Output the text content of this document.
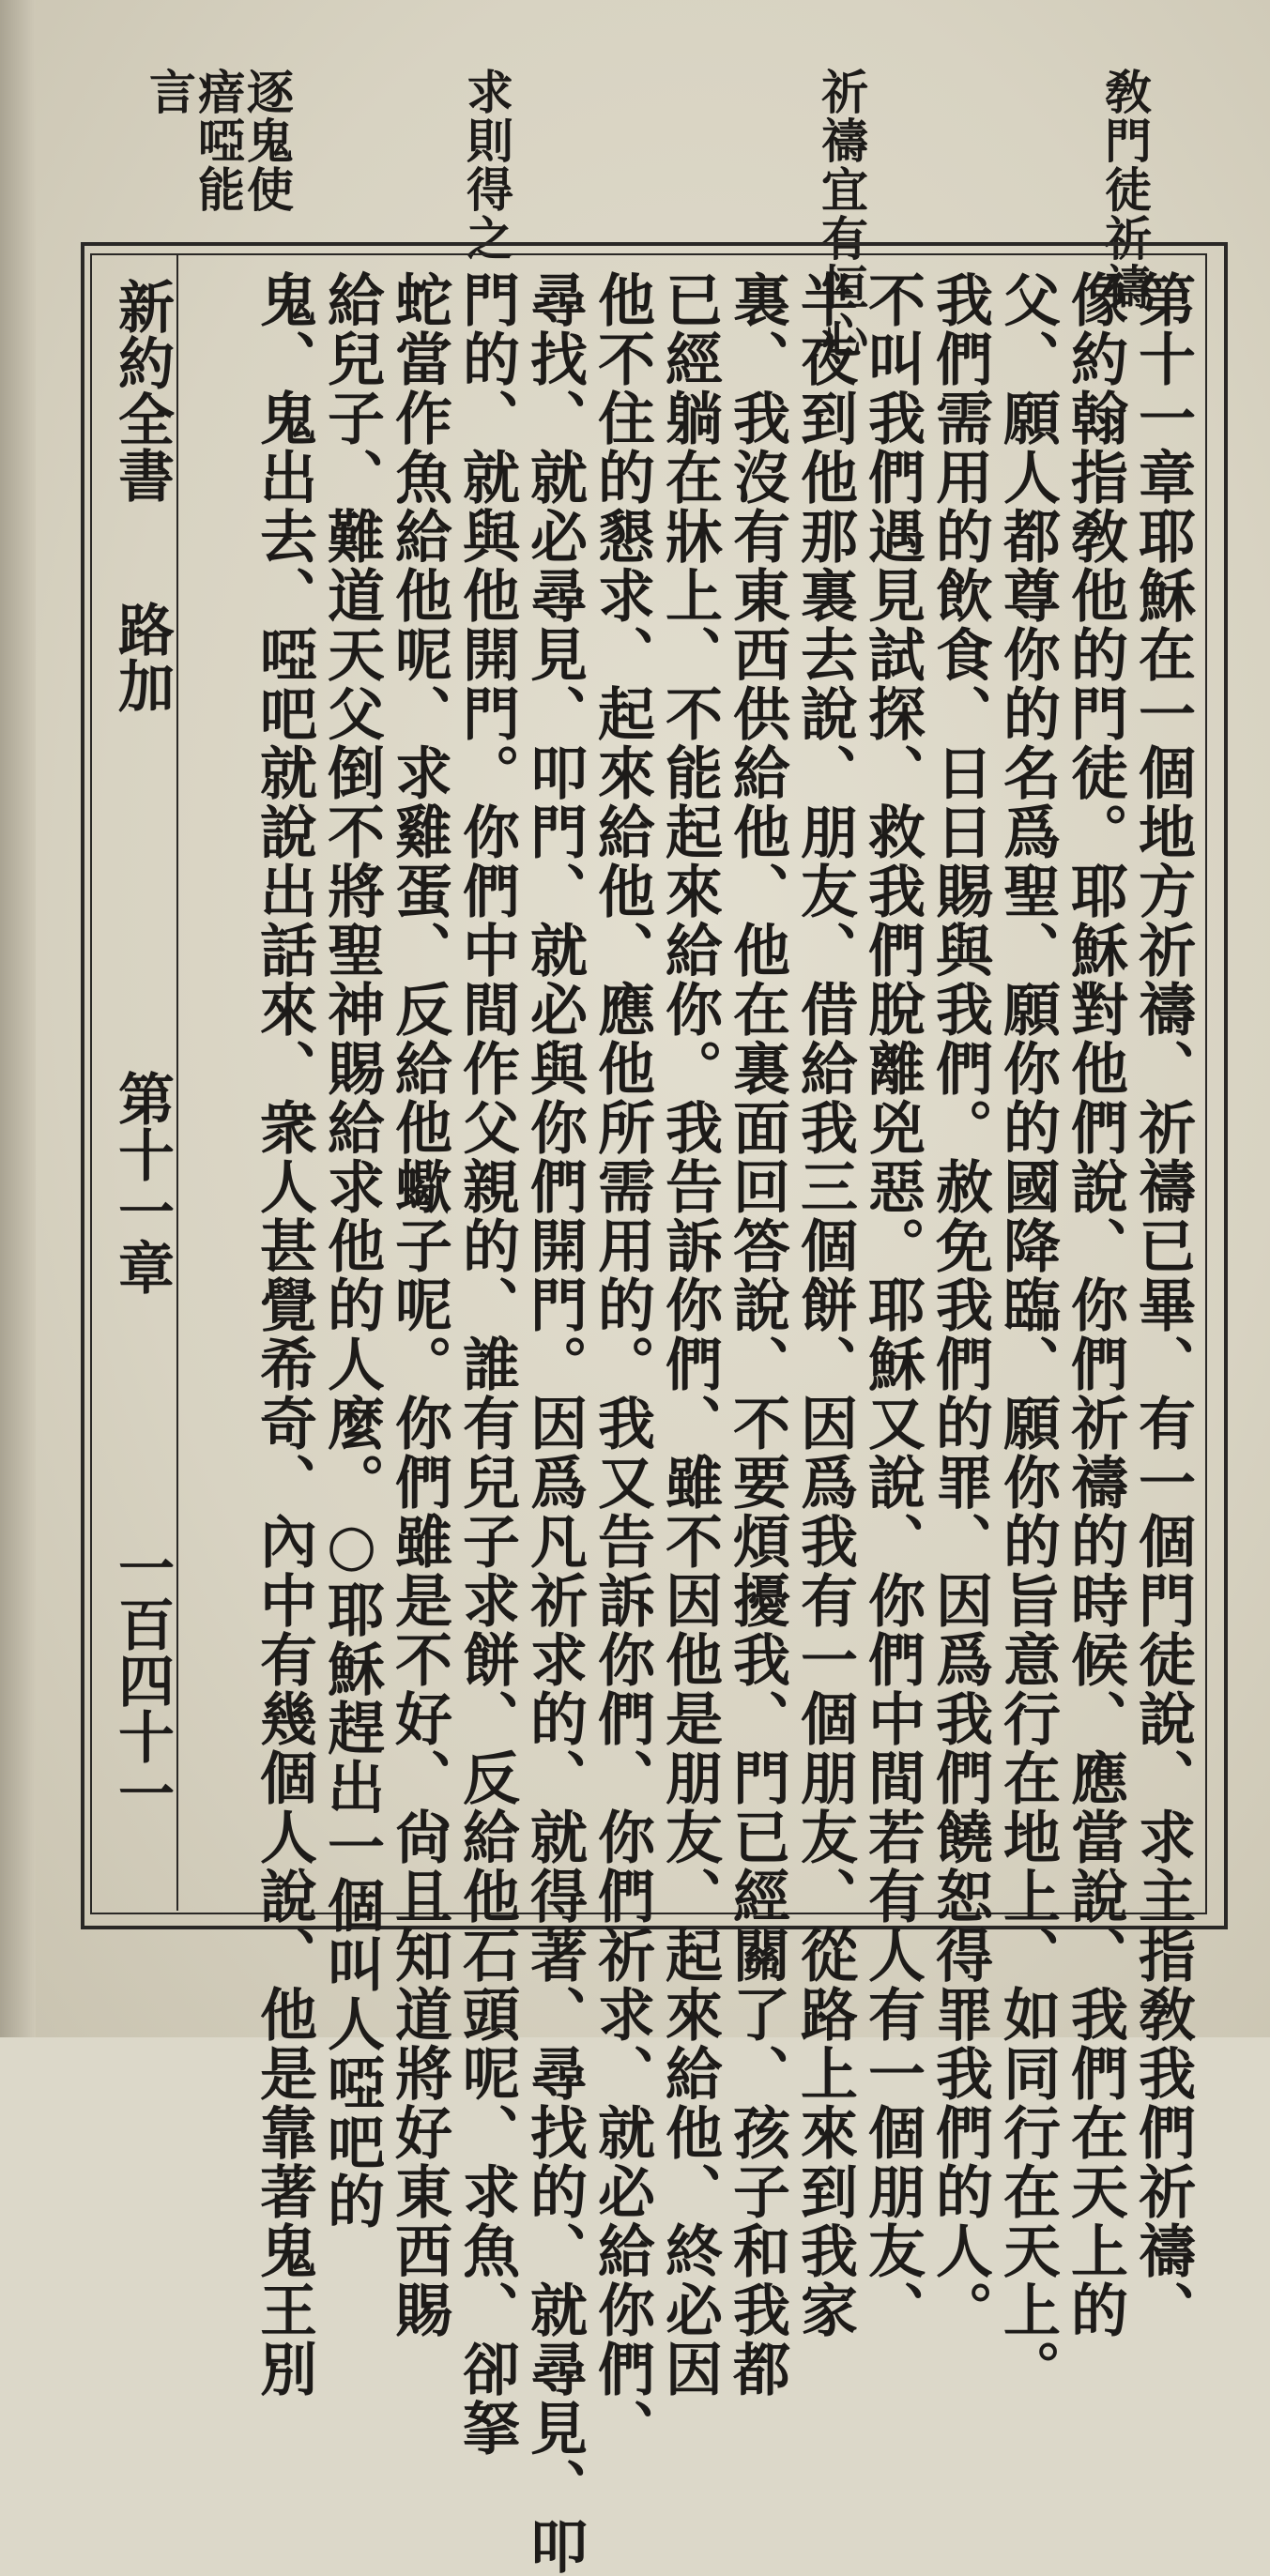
敎門徒祈禱
祈禱宜有恒心
求則得之
逐鬼使瘖啞能言
第十一章耶穌在一個地方祈禱、祈禱已畢、有一個門徒說、求主指敎我們祈禱、
像約翰指敎他的門徒。耶穌對他們說、你們祈禱的時候、應當說、我們在天上的
父、願人都尊你的名爲聖、願你的國降臨、願你的旨意行在地上、如同行在天上。
我們需用的飲食、日日賜與我們。赦免我們的罪、因爲我們饒恕得罪我們的人。
不叫我們遇見試探、救我們脫離兇惡。耶穌又說、你們中間若有人有一個朋友、
半夜到他那裏去說、朋友、借給我三個餅、因爲我有一個朋友、從路上來到我家
裏、我沒有東西供給他、他在裏面回答說、不要煩擾我、門已經關了、孩子和我都
已經躺在牀上、不能起來給你。我告訴你們、雖不因他是朋友、起來給他、終必因
他不住的懇求、起來給他、應他所需用的。我又告訴你們、你們祈求、就必給你們、
尋找、就必尋見、叩門、就必與你們開門。因爲凡祈求的、就得著、尋找的、就尋見、叩
門的、就與他開門。你們中間作父親的、誰有兒子求餅、反給他石頭呢、求魚、卻拏
蛇當作魚給他呢、求雞蛋、反給他蠍子呢。你們雖是不好、尙且知道將好東西賜
給兒子、難道天父倒不將聖神賜給求他的人麼。○耶穌趕出一個叫人啞吧的
鬼、鬼出去、啞吧就說出話來、衆人甚覺希奇、內中有幾個人說、他是靠著鬼王別
新約全書
路加
第十一章
一百四十一
